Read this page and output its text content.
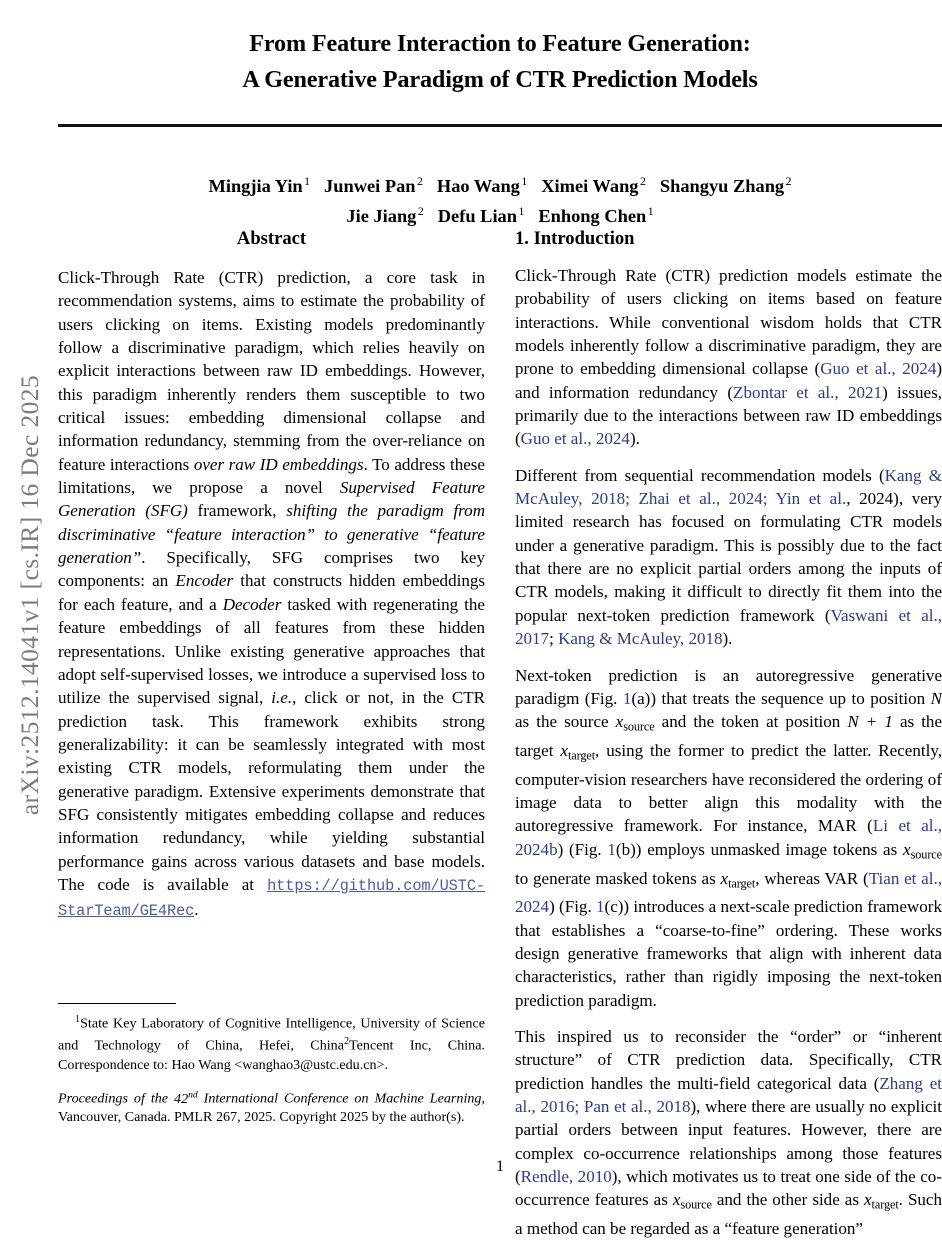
arXiv:2512.14041v1 [cs.IR] 16 Dec 2025
From Feature Interaction to Feature Generation:
A Generative Paradigm of CTR Prediction Models
Mingjia Yin $^1$ Junwei Pan $^2$ Hao Wang $^1$ Ximei Wang $^2$ Shangyu Zhang $^2$
Jie Jiang $^2$ Defu Lian $^1$ Enhong Chen $^1$
Abstract

Click-Through Rate (CTR) prediction, a core task in recommendation systems, aims to estimate the probability of users clicking on items. Existing models predominantly follow a discriminative paradigm, which relies heavily on explicit interactions between raw ID embeddings. However, this paradigm inherently renders them susceptible to two critical issues: embedding dimensional collapse and information redundancy, stemming from the over-reliance on feature interactions over raw ID embeddings. To address these limitations, we propose a novel Supervised Feature Generation (SFG) framework, shifting the paradigm from discriminative “feature interaction” to generative “feature generation”. Specifically, SFG comprises two key components: an Encoder that constructs hidden embeddings for each feature, and a Decoder tasked with regenerating the feature embeddings of all features from these hidden representations. Unlike existing generative approaches that adopt self-supervised losses, we introduce a supervised loss to utilize the supervised signal, i.e., click or not, in the CTR prediction task. This framework exhibits strong generalizability: it can be seamlessly integrated with most existing CTR models, reformulating them under the generative paradigm. Extensive experiments demonstrate that SFG consistently mitigates embedding collapse and reduces information redundancy, while yielding substantial performance gains across various datasets and base models. The code is available at https://github.com/USTC-StarTeam/GE4Rec.

$^1$State Key Laboratory of Cognitive Intelligence, University of Science and Technology of China, Hefei, China$^2$Tencent Inc, China. Correspondence to: Hao Wang <wanghao3@ustc.edu.cn>.

Proceedings of the 42nd International Conference on Machine Learning, Vancouver, Canada. PMLR 267, 2025. Copyright 2025 by the author(s).

1. Introduction

Click-Through Rate (CTR) prediction models estimate the probability of users clicking on items based on feature interactions. While conventional wisdom holds that CTR models inherently follow a discriminative paradigm, they are prone to embedding dimensional collapse (Guo et al., 2024) and information redundancy (Zbontar et al., 2021) issues, primarily due to the interactions between raw ID embeddings (Guo et al., 2024).

Different from sequential recommendation models (Kang & McAuley, 2018; Zhai et al., 2024; Yin et al., 2024), very limited research has focused on formulating CTR models under a generative paradigm. This is possibly due to the fact that there are no explicit partial orders among the inputs of CTR models, making it difficult to directly fit them into the popular next-token prediction framework (Vaswani et al., 2017; Kang & McAuley, 2018).

Next-token prediction is an autoregressive generative paradigm (Fig. 1(a)) that treats the sequence up to position N as the source $x_{source}$ and the token at position N + 1 as the target $x_{target}$, using the former to predict the latter. Recently, computer-vision researchers have reconsidered the ordering of image data to better align this modality with the autoregressive framework. For instance, MAR (Li et al., 2024b) (Fig. 1(b)) employs unmasked image tokens as $x_{source}$ to generate masked tokens as $x_{target}$, whereas VAR (Tian et al., 2024) (Fig. 1(c)) introduces a next-scale prediction framework that establishes a “coarse-to-fine” ordering. These works design generative frameworks that align with inherent data characteristics, rather than rigidly imposing the next-token prediction paradigm.

This inspired us to reconsider the “order” or “inherent structure” of CTR prediction data. Specifically, CTR prediction handles the multi-field categorical data (Zhang et al., 2016; Pan et al., 2018), where there are usually no explicit partial orders between input features. However, there are complex co-occurrence relationships among those features (Rendle, 2010), which motivates us to treat one side of the co-occurrence features as $x_{source}$ and the other side as $x_{target}$. Such a method can be regarded as a “feature generation”

1
